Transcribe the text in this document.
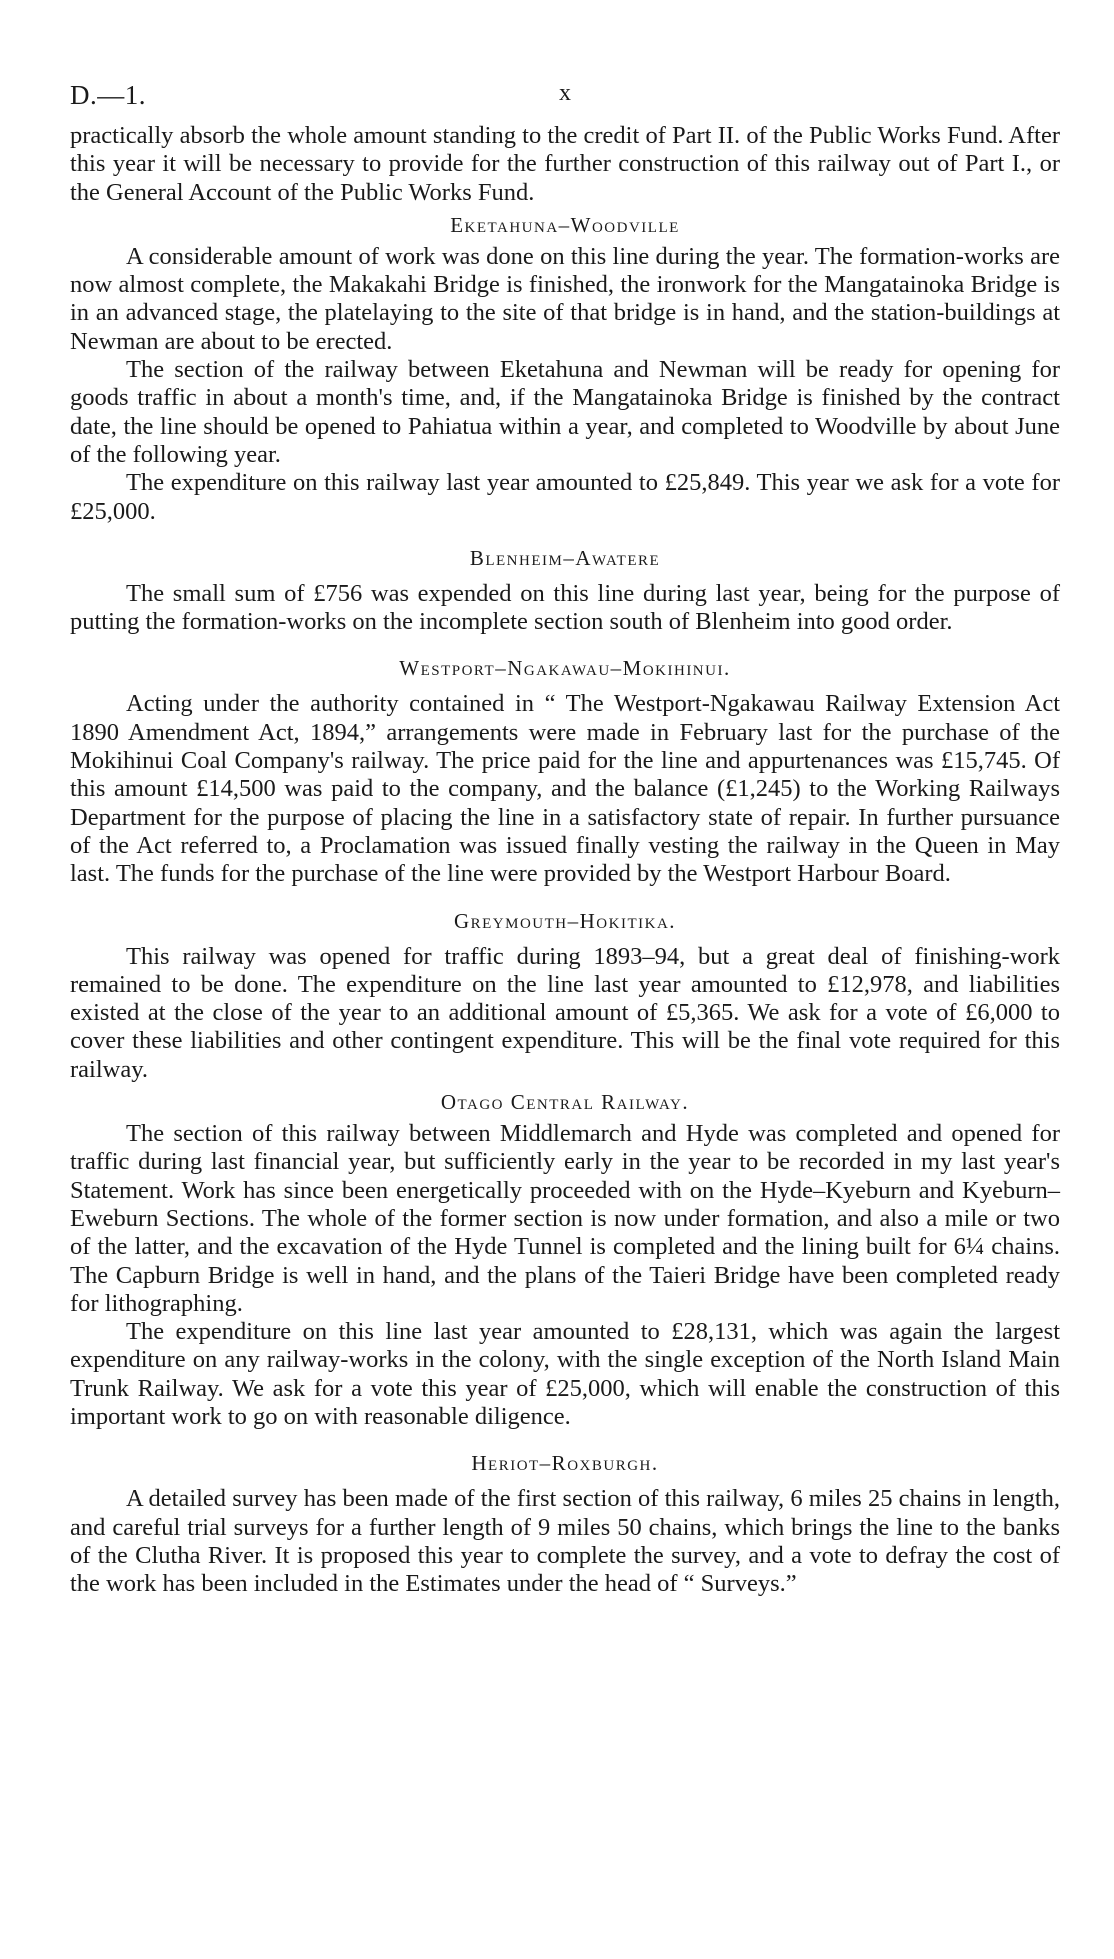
D.—1.	x

practically absorb the whole amount standing to the credit of Part II. of the Public Works Fund. After this year it will be necessary to provide for the further construction of this railway out of Part I., or the General Account of the Public Works Fund.

Eketahuna–Woodville

A considerable amount of work was done on this line during the year. The formation-works are now almost complete, the Makakahi Bridge is finished, the ironwork for the Mangatainoka Bridge is in an advanced stage, the platelaying to the site of that bridge is in hand, and the station-buildings at Newman are about to be erected.

The section of the railway between Eketahuna and Newman will be ready for opening for goods traffic in about a month's time, and, if the Mangatainoka Bridge is finished by the contract date, the line should be opened to Pahiatua within a year, and completed to Woodville by about June of the following year.

The expenditure on this railway last year amounted to £25,849. This year we ask for a vote for £25,000.

Blenheim–Awatere

The small sum of £756 was expended on this line during last year, being for the purpose of putting the formation-works on the incomplete section south of Blenheim into good order.

Westport–Ngakawau–Mokihinui.

Acting under the authority contained in “ The Westport-Ngakawau Railway Extension Act 1890 Amendment Act, 1894,” arrangements were made in February last for the purchase of the Mokihinui Coal Company's railway. The price paid for the line and appurtenances was £15,745. Of this amount £14,500 was paid to the company, and the balance (£1,245) to the Working Railways Department for the purpose of placing the line in a satisfactory state of repair. In further pursuance of the Act referred to, a Proclamation was issued finally vesting the railway in the Queen in May last. The funds for the purchase of the line were provided by the Westport Harbour Board.

Greymouth–Hokitika.

This railway was opened for traffic during 1893–94, but a great deal of finishing-work remained to be done. The expenditure on the line last year amounted to £12,978, and liabilities existed at the close of the year to an additional amount of £5,365. We ask for a vote of £6,000 to cover these liabilities and other contingent expenditure. This will be the final vote required for this railway.

Otago Central Railway.

The section of this railway between Middlemarch and Hyde was completed and opened for traffic during last financial year, but sufficiently early in the year to be recorded in my last year's Statement. Work has since been energetically proceeded with on the Hyde–Kyeburn and Kyeburn–Eweburn Sections. The whole of the former section is now under formation, and also a mile or two of the latter, and the excavation of the Hyde Tunnel is completed and the lining built for 6¼ chains. The Capburn Bridge is well in hand, and the plans of the Taieri Bridge have been completed ready for lithographing.

The expenditure on this line last year amounted to £28,131, which was again the largest expenditure on any railway-works in the colony, with the single exception of the North Island Main Trunk Railway. We ask for a vote this year of £25,000, which will enable the construction of this important work to go on with reasonable diligence.

Heriot–Roxburgh.

A detailed survey has been made of the first section of this railway, 6 miles 25 chains in length, and careful trial surveys for a further length of 9 miles 50 chains, which brings the line to the banks of the Clutha River. It is proposed this year to complete the survey, and a vote to defray the cost of the work has been included in the Estimates under the head of “ Surveys.”
